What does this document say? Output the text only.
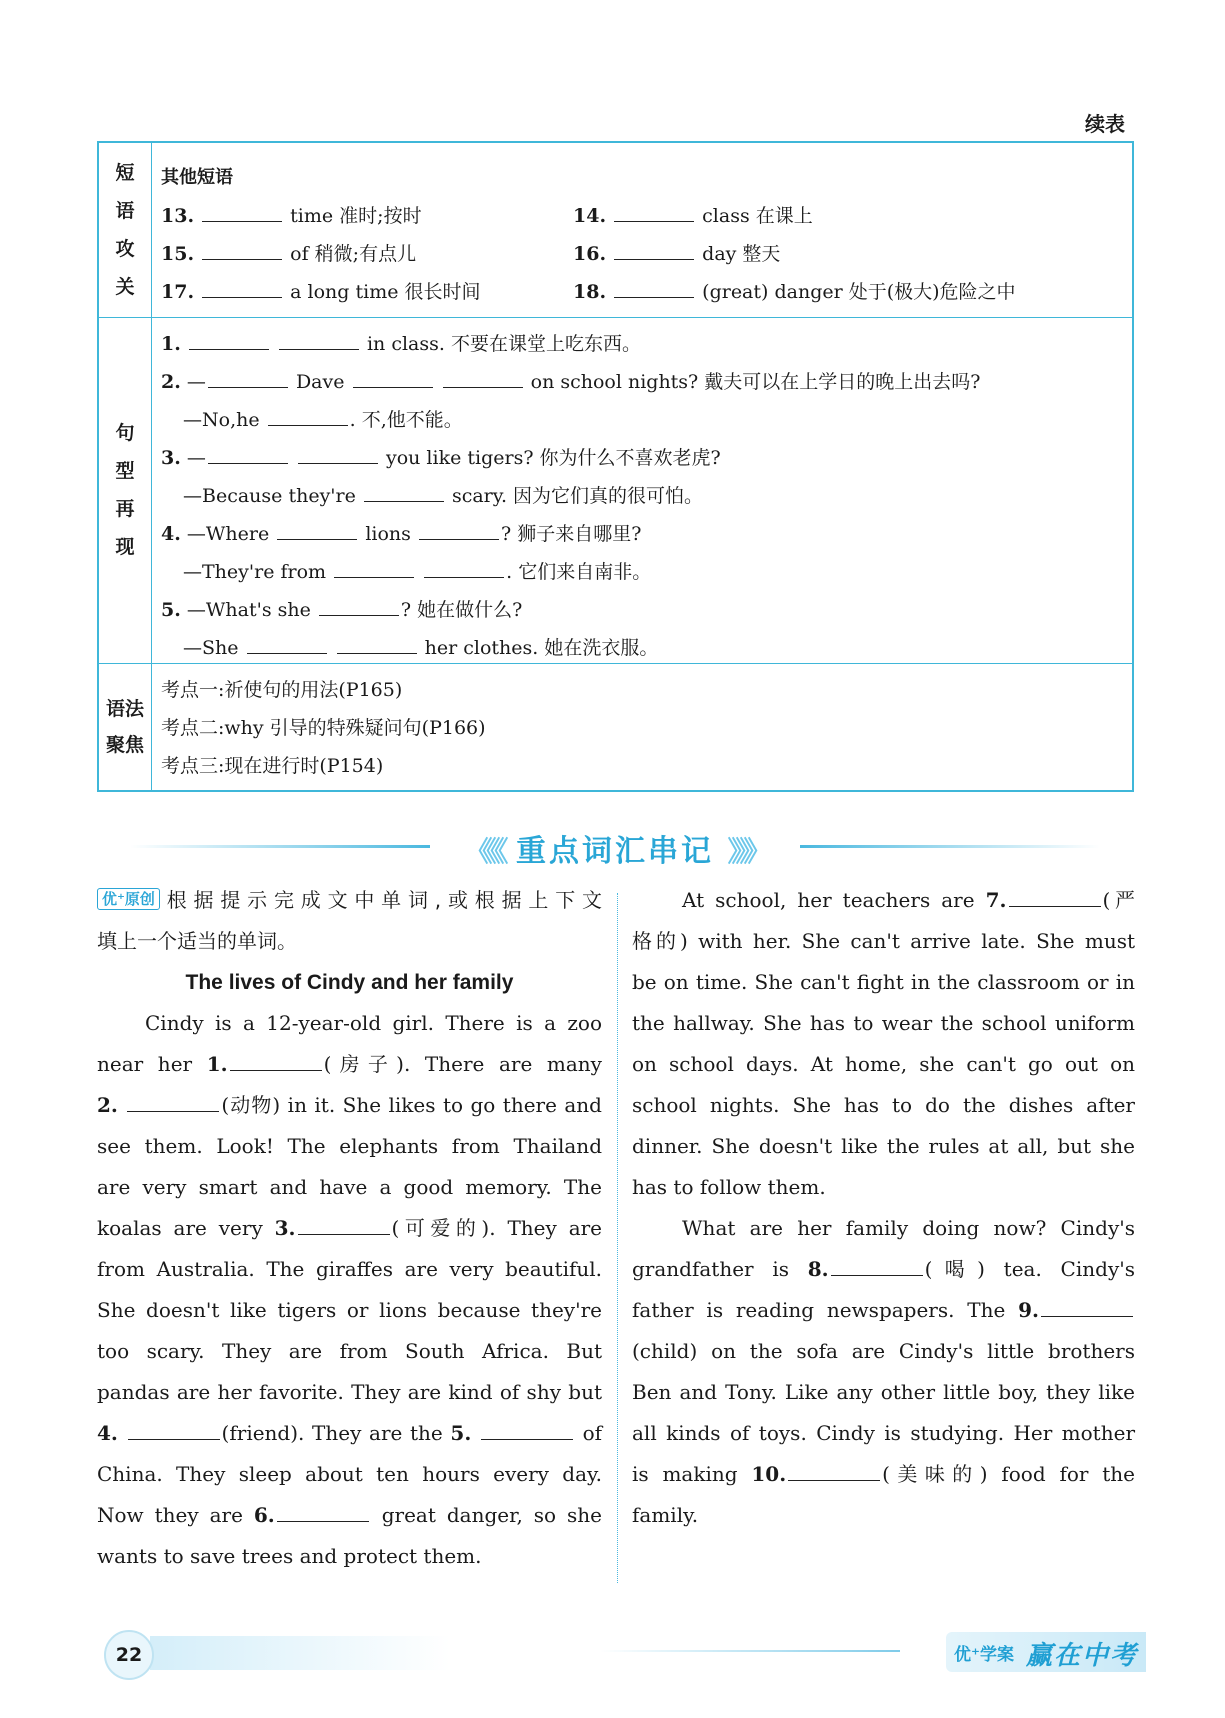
续表
短
语
攻
关
其他短语
13.	time 准时;按时	14.	class 在课上
15.	of 稍微;有点儿	16.	day 整天
17.	a long time 很长时间	18.	(great) danger 处于(极大)危险之中
句
型
再
现
1.	in class. 不要在课堂上吃东西。
2. —	Dave	on school nights? 戴夫可以在上学日的晚上出去吗?
—No,he	. 不,他不能。
3. —	you like tigers? 你为什么不喜欢老虎?
—Because they're	scary. 因为它们真的很可怕。
4. —Where	lions	? 狮子来自哪里?
—They're from	. 它们来自南非。
5. —What's she	? 她在做什么?
—She	her clothes. 她在洗衣服。
语法
聚焦
考点一:祈使句的用法(P165)
考点二:why 引导的特殊疑问句(P166)
考点三:现在进行时(P154)
《《《 重点词汇串记 》》》
优⁺原创 根据提示完成文中单词,或根据上下文
填上一个适当的单词。
The lives of Cindy and her family
Cindy is a 12-year-old girl. There is a zoo
near her 1.	(房子). There are many
2.	(动物) in it. She likes to go there and
see them. Look! The elephants from Thailand
are very smart and have a good memory. The
koalas are very 3.	(可爱的). They are
from Australia. The giraffes are very beautiful.
She doesn't like tigers or lions because they're
too scary. They are from South Africa. But
pandas are her favorite. They are kind of shy but
4.	(friend). They are the 5.	of
China. They sleep about ten hours every day.
Now they are 6.	great danger, so she
wants to save trees and protect them.
At school, her teachers are 7.	(严
格的) with her. She can't arrive late. She must
be on time. She can't fight in the classroom or in
the hallway. She has to wear the school uniform
on school days. At home, she can't go out on
school nights. She has to do the dishes after
dinner. She doesn't like the rules at all, but she
has to follow them.
What are her family doing now? Cindy's
grandfather is 8.	(喝) tea. Cindy's
father is reading newspapers. The 9.
(child) on the sofa are Cindy's little brothers
Ben and Tony. Like any other little boy, they like
all kinds of toys. Cindy is studying. Her mother
is making 10.	(美味的) food for the
family.
22	优⁺学案 赢在中考
